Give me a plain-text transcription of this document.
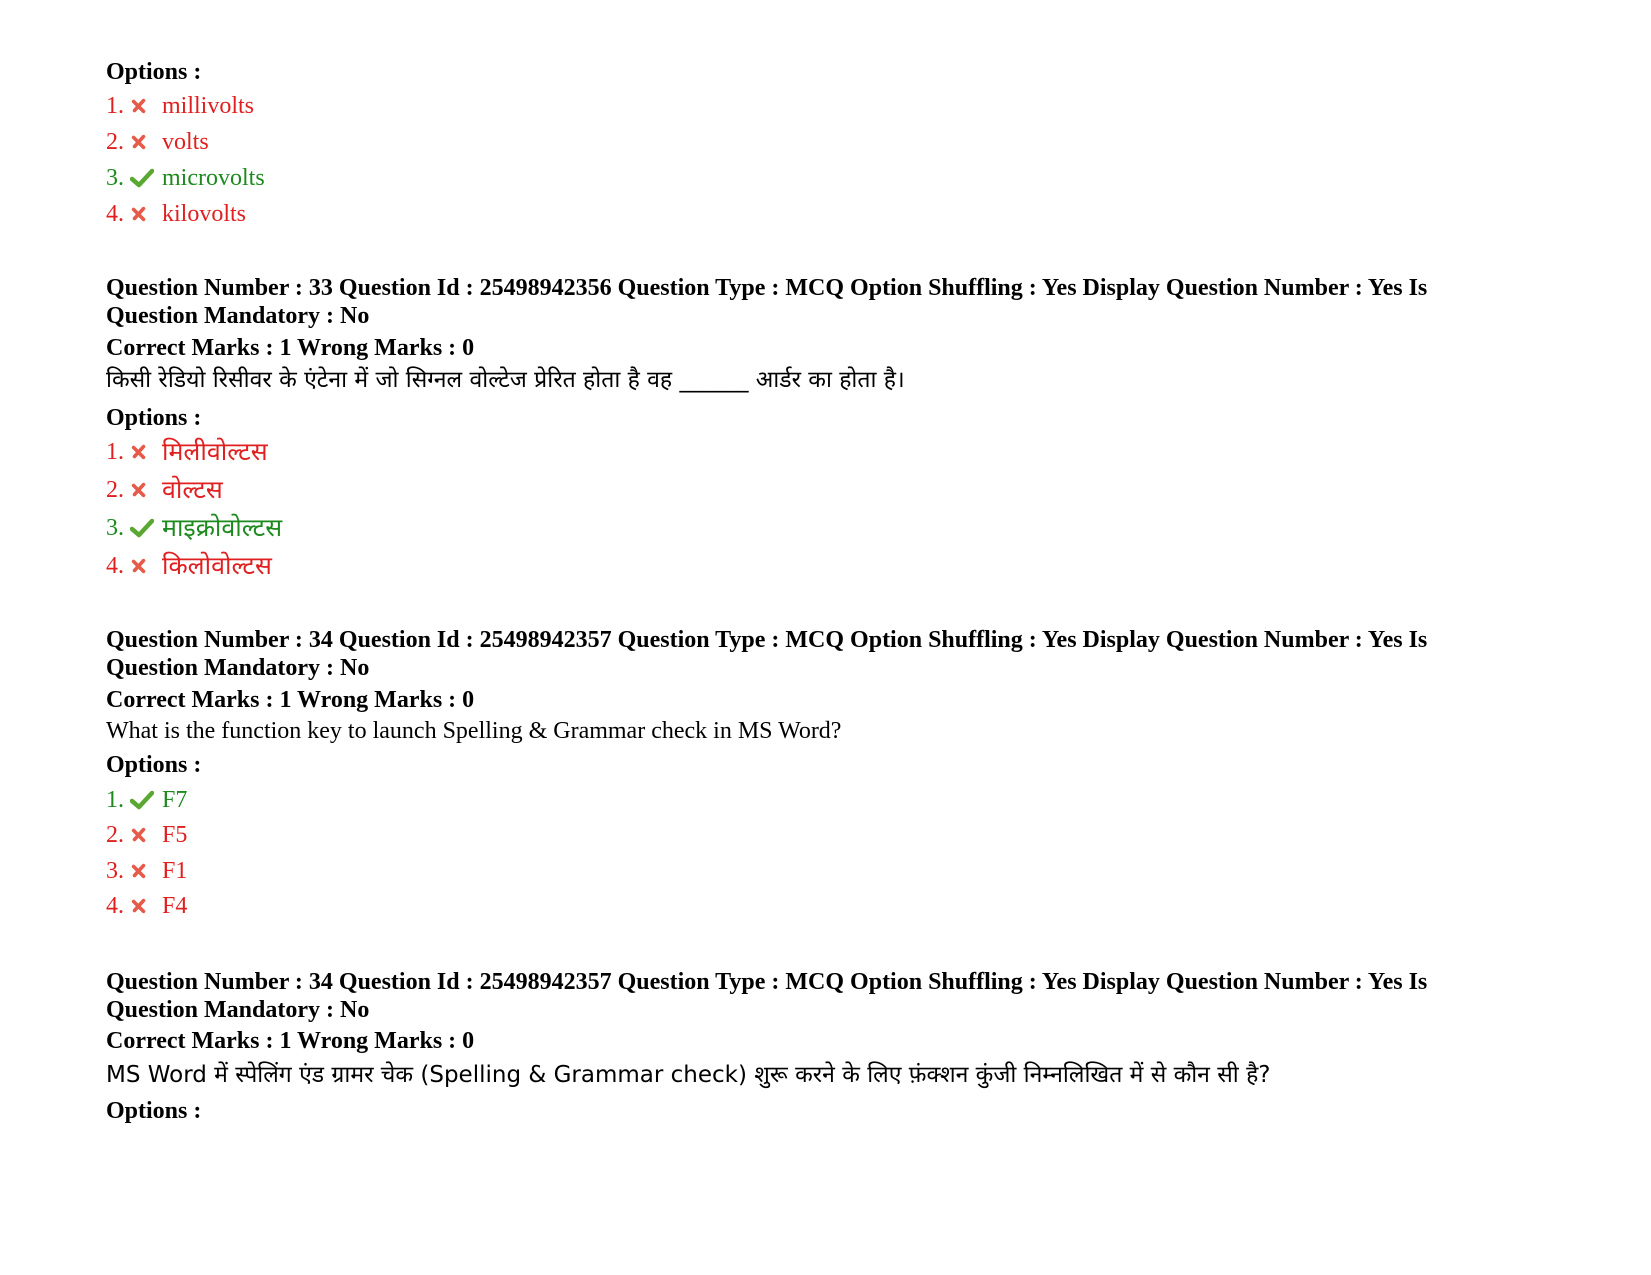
Options :
1. millivolts
2. volts
3. microvolts
4. kilovolts
Question Number : 33 Question Id : 25498942356 Question Type : MCQ Option Shuffling : Yes Display Question Number : Yes Is
Question Mandatory : No
Correct Marks : 1 Wrong Marks : 0
किसी रेडियो रिसीवर के एंटेना में जो सिग्नल वोल्टेज प्रेरित होता है वह ______ आर्डर का होता है।
Options :
1. मिलीवोल्टस
2. वोल्टस
3. माइक्रोवोल्टस
4. किलोवोल्टस
Question Number : 34 Question Id : 25498942357 Question Type : MCQ Option Shuffling : Yes Display Question Number : Yes Is
Question Mandatory : No
Correct Marks : 1 Wrong Marks : 0
What is the function key to launch Spelling & Grammar check in MS Word?
Options :
1. F7
2. F5
3. F1
4. F4
Question Number : 34 Question Id : 25498942357 Question Type : MCQ Option Shuffling : Yes Display Question Number : Yes Is
Question Mandatory : No
Correct Marks : 1 Wrong Marks : 0
MS Word में स्पेलिंग एंड ग्रामर चेक (Spelling & Grammar check) शुरू करने के लिए फ़ंक्शन कुंजी निम्नलिखित में से कौन सी है?
Options :
